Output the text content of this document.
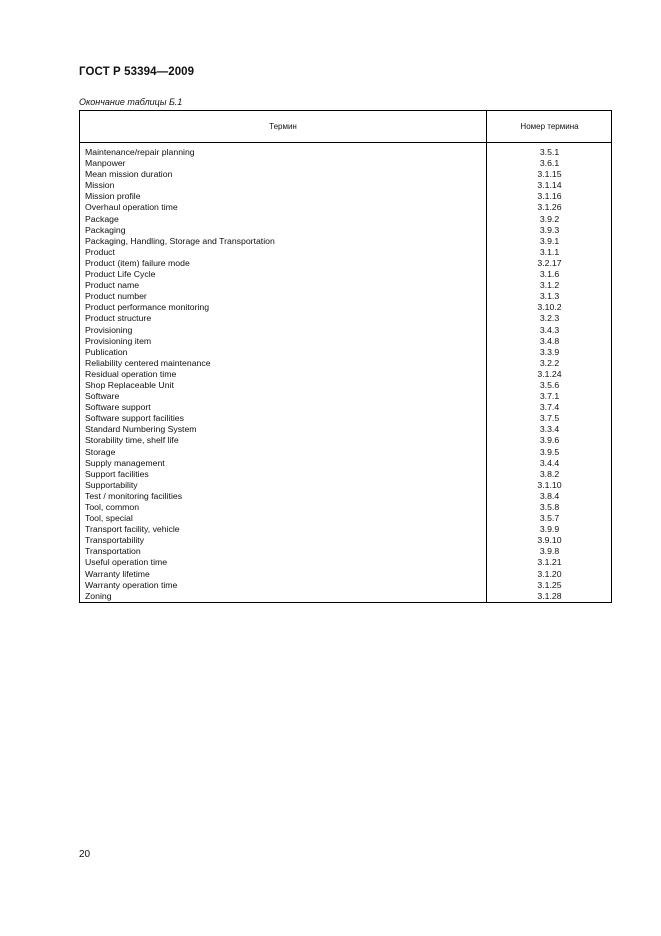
ГОСТ Р 53394—2009
Окончание таблицы Б.1
Термин	Номер термина
Maintenance/repair planning	3.5.1
Manpower	3.6.1
Mean mission duration	3.1.15
Mission	3.1.14
Mission profile	3.1.16
Overhaul operation time	3.1.26
Package	3.9.2
Packaging	3.9.3
Packaging, Handling, Storage and Transportation	3.9.1
Product	3.1.1
Product (item) failure mode	3.2.17
Product Life Cycle	3.1.6
Product name	3.1.2
Product number	3.1.3
Product performance monitoring	3.10.2
Product structure	3.2.3
Provisioning	3.4.3
Provisioning item	3.4.8
Publication	3.3.9
Reliability centered maintenance	3.2.2
Residual operation time	3.1.24
Shop Replaceable Unit	3.5.6
Software	3.7.1
Software support	3.7.4
Software support facilities	3.7.5
Standard Numbering System	3.3.4
Storability time, shelf life	3.9.6
Storage	3.9.5
Supply management	3.4.4
Support facilities	3.8.2
Supportability	3.1.10
Test / monitoring facilities	3.8.4
Tool, common	3.5.8
Tool, special	3.5.7
Transport facility, vehicle	3.9.9
Transportability	3.9.10
Transportation	3.9.8
Useful operation time	3.1.21
Warranty lifetime	3.1.20
Warranty operation time	3.1.25
Zoning	3.1.28
20
